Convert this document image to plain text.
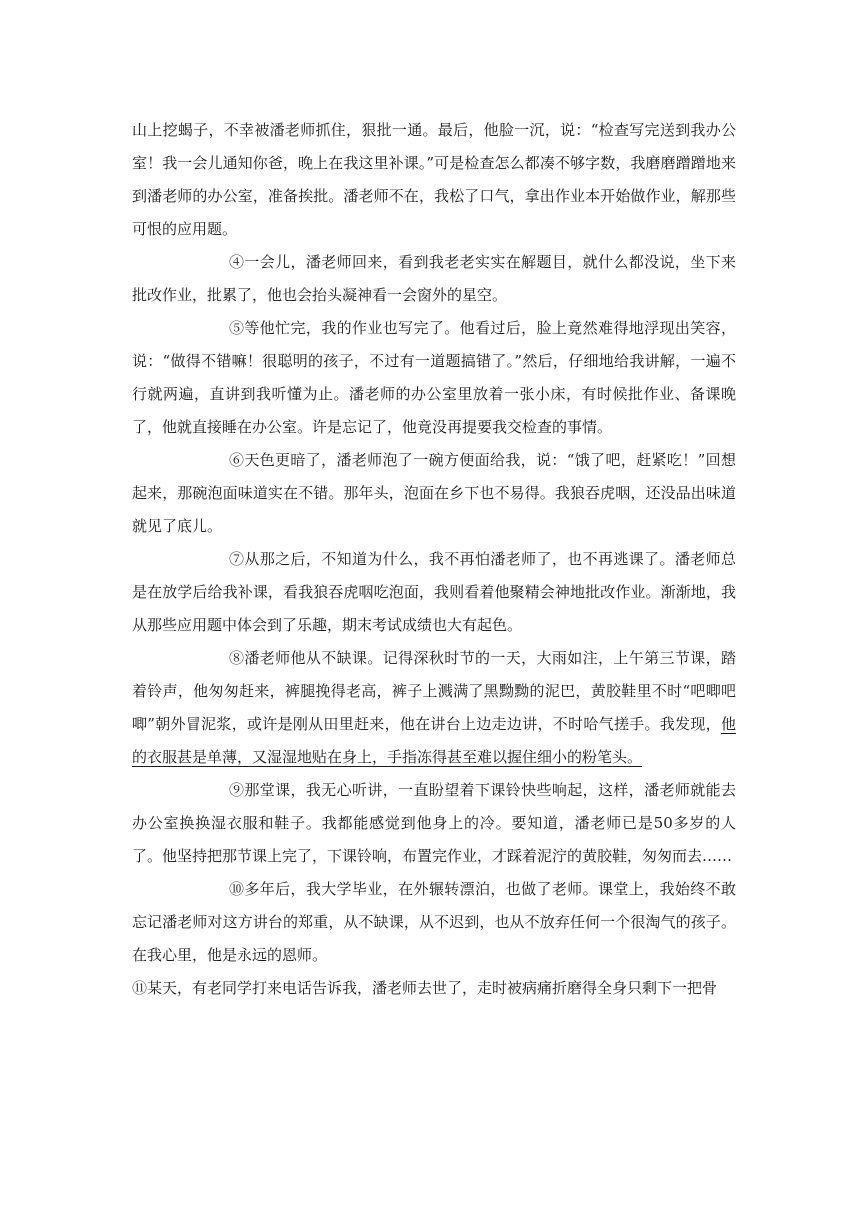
山上挖蝎子，不幸被潘老师抓住，狠批一通。最后，他脸一沉，说：“检查写完送到我办公室！我一会儿通知你爸，晚上在我这里补课。”可是检查怎么都凑不够字数，我磨磨蹭蹭地来到潘老师的办公室，准备挨批。潘老师不在，我松了口气，拿出作业本开始做作业，解那些可恨的应用题。

④一会儿，潘老师回来，看到我老老实实在解题目，就什么都没说，坐下来批改作业，批累了，他也会抬头凝神看一会窗外的星空。

⑤等他忙完，我的作业也写完了。他看过后，脸上竟然难得地浮现出笑容，说：“做得不错嘛！很聪明的孩子，不过有一道题搞错了。”然后，仔细地给我讲解，一遍不行就两遍，直讲到我听懂为止。潘老师的办公室里放着一张小床，有时候批作业、备课晚了，他就直接睡在办公室。许是忘记了，他竟没再提要我交检查的事情。

⑥天色更暗了，潘老师泡了一碗方便面给我，说：“饿了吧，赶紧吃！”回想起来，那碗泡面味道实在不错。那年头，泡面在乡下也不易得。我狼吞虎咽，还没品出味道就见了底儿。

⑦从那之后，不知道为什么，我不再怕潘老师了，也不再逃课了。潘老师总是在放学后给我补课，看我狼吞虎咽吃泡面，我则看着他聚精会神地批改作业。渐渐地，我从那些应用题中体会到了乐趣，期末考试成绩也大有起色。

⑧潘老师他从不缺课。记得深秋时节的一天，大雨如注，上午第三节课，踏着铃声，他匆匆赶来，裤腿挽得老高，裤子上溅满了黑黝黝的泥巴，黄胶鞋里不时“吧唧吧唧”朝外冒泥浆，或许是刚从田里赶来，他在讲台上边走边讲，不时哈气搓手。我发现，他的衣服甚是单薄，又湿湿地贴在身上，手指冻得甚至难以握住细小的粉笔头。

⑨那堂课，我无心听讲，一直盼望着下课铃快些响起，这样，潘老师就能去办公室换换湿衣服和鞋子。我都能感觉到他身上的冷。要知道，潘老师已是50多岁的人了。他坚持把那节课上完了，下课铃响，布置完作业，才踩着泥泞的黄胶鞋，匆匆而去……

⑩多年后，我大学毕业，在外辗转漂泊，也做了老师。课堂上，我始终不敢忘记潘老师对这方讲台的郑重，从不缺课，从不迟到，也从不放弃任何一个很淘气的孩子。在我心里，他是永远的恩师。

⑪某天，有老同学打来电话告诉我，潘老师去世了，走时被病痛折磨得全身只剩下一把骨
